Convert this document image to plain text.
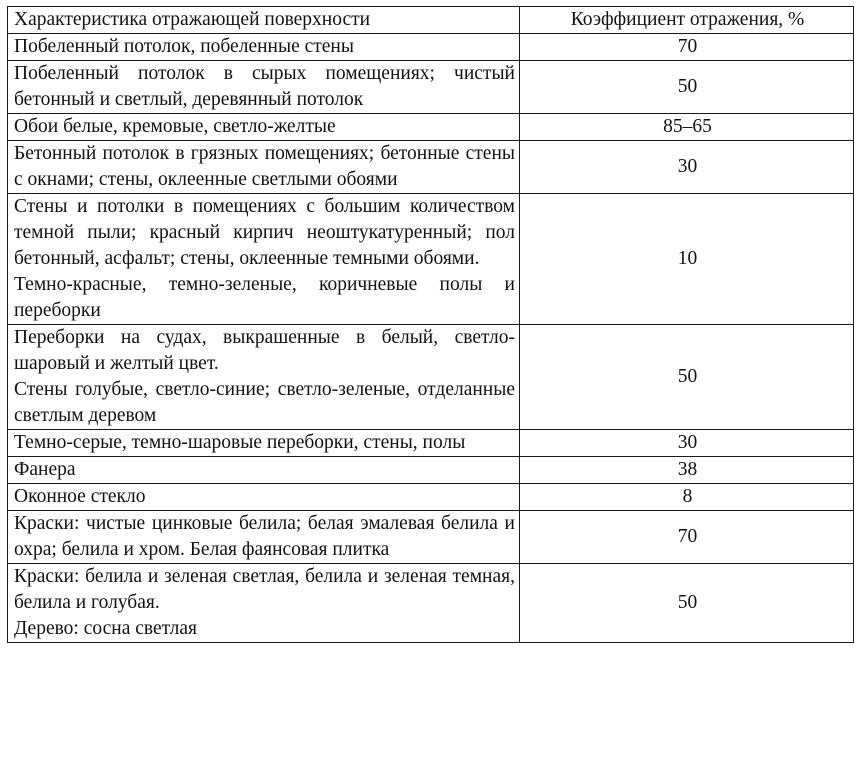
Характеристика отражающей поверхности	Коэффициент отражения, %

Побеленный потолок, побеленные стены	70

Побеленный потолок в сырых помещениях; чистый бетонный и светлый, деревянный потолок	50

Обои белые, кремовые, светло-желтые	85–65

Бетонный потолок в грязных помещениях; бетонные стены с окнами; стены, оклеенные светлыми обоями	30

Стены и потолки в помещениях с большим количеством темной пыли; красный кирпич неоштукатуренный; пол бетонный, асфальт; стены, оклеенные темными обоями.
Темно-красные, темно-зеленые, коричневые полы и переборки	10

Переборки на судах, выкрашенные в белый, светло-шаровый и желтый цвет.
Стены голубые, светло-синие; светло-зеленые, отделанные светлым деревом	50

Темно-серые, темно-шаровые переборки, стены, полы	30

Фанера	38

Оконное стекло	8

Краски: чистые цинковые белила; белая эмалевая белила и охра; белила и хром. Белая фаянсовая плитка	70

Краски: белила и зеленая светлая, белила и зеленая темная, белила и голубая.
Дерево: сосна светлая	50
